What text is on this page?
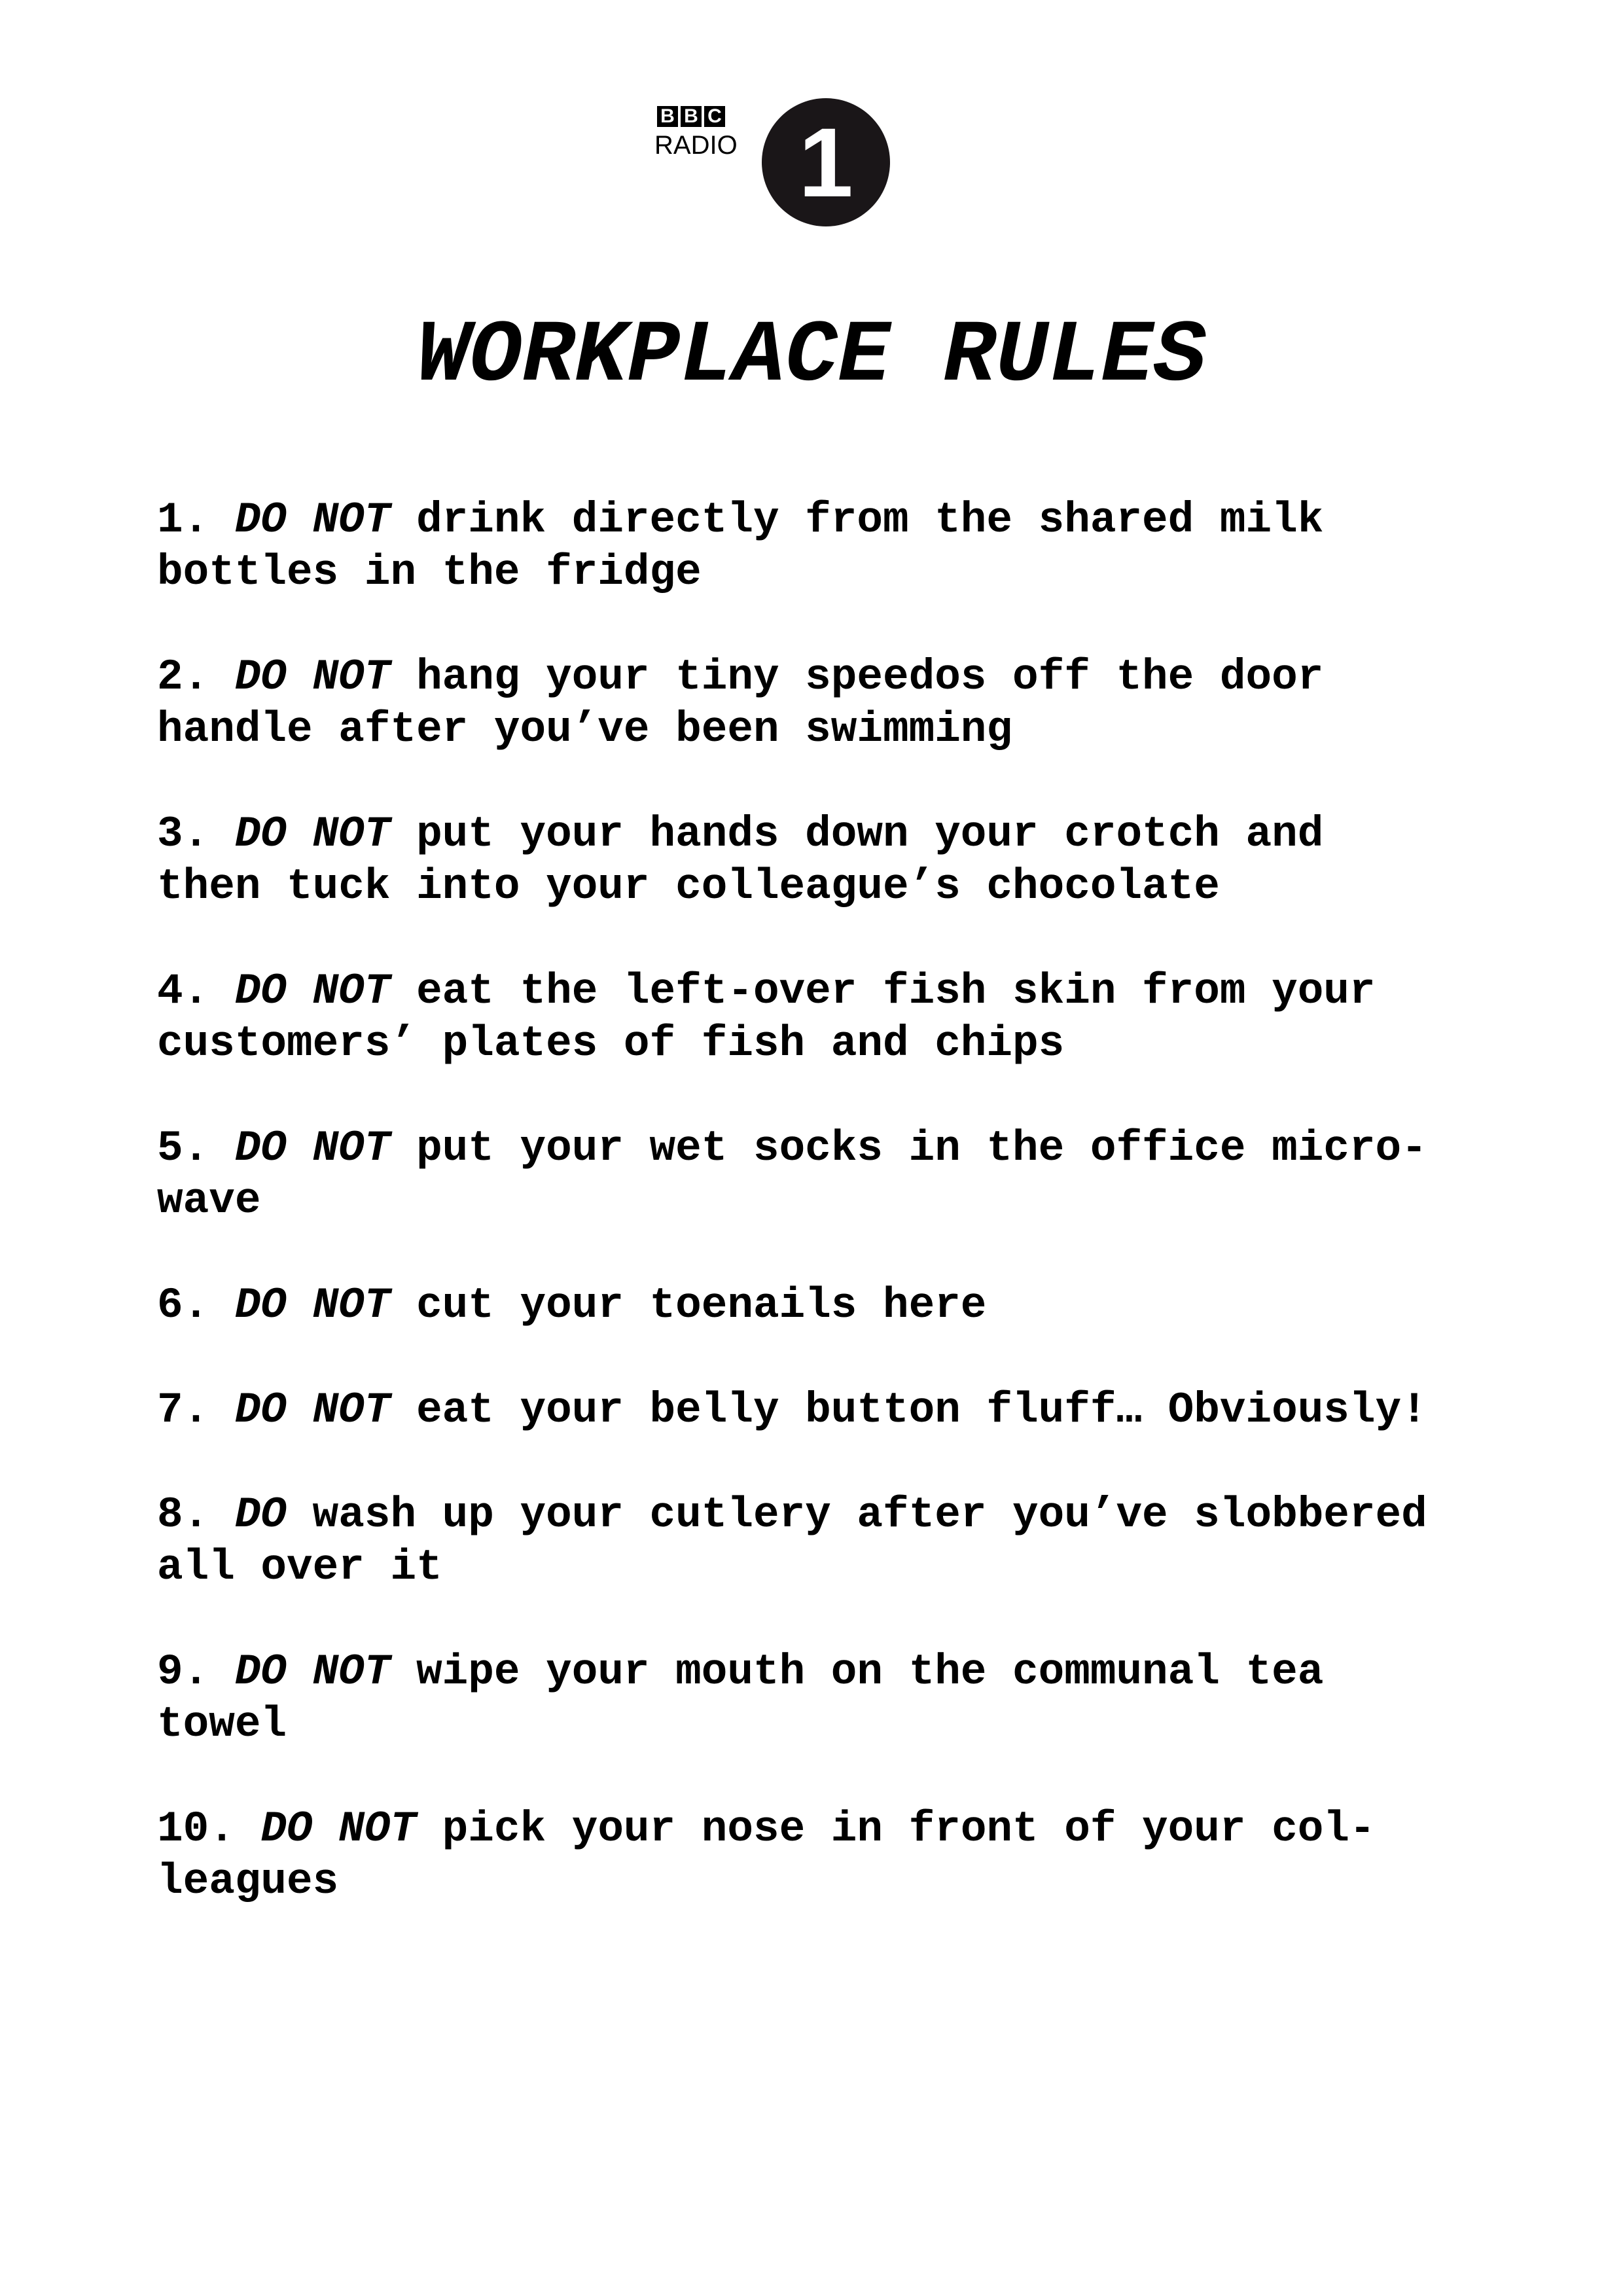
B B C
RADIO 1
WORKPLACE RULES
1. DO NOT drink directly from the shared milk
bottles in the fridge
2. DO NOT hang your tiny speedos off the door
handle after you’ve been swimming
3. DO NOT put your hands down your crotch and
then tuck into your colleague’s chocolate
4. DO NOT eat the left-over fish skin from your
customers’ plates of fish and chips
5. DO NOT put your wet socks in the office micro-
wave
6. DO NOT cut your toenails here
7. DO NOT eat your belly button fluff… Obviously!
8. DO wash up your cutlery after you’ve slobbered
all over it
9. DO NOT wipe your mouth on the communal tea
towel
10. DO NOT pick your nose in front of your col-
leagues
